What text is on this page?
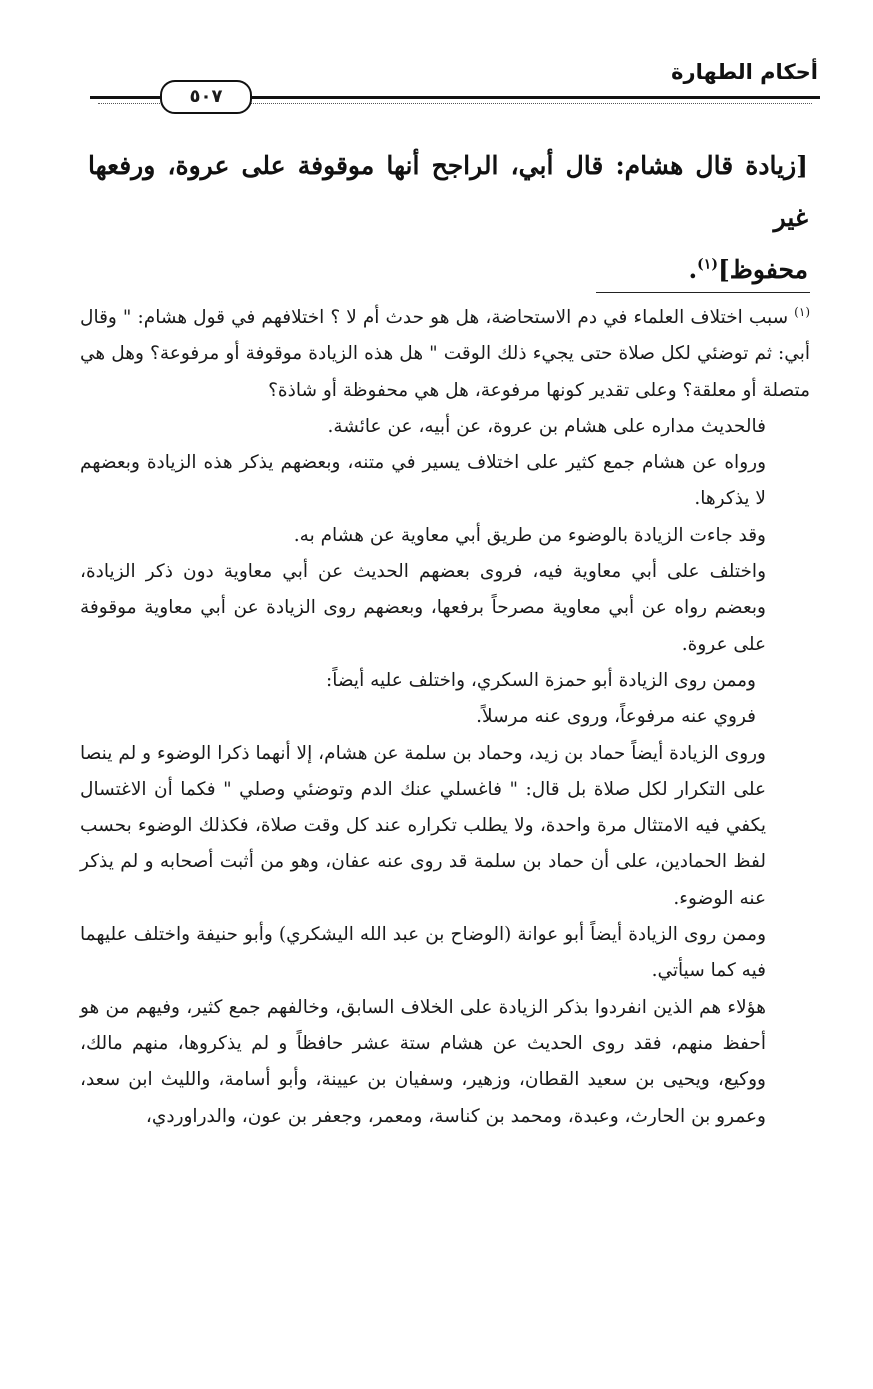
أحكام الطهارة
٥٠٧

[زيادة قال هشام: قال أبي، الراجح أنها موقوفة على عروة، ورفعها غير

محفوظ]$^{(١)}$.

$^{(١)}$ سبب اختلاف العلماء في دم الاستحاضة، هل هو حدث أم لا ؟ اختلافهم في قول هشام: " وقال أبي: ثم توضئي لكل صلاة حتى يجيء ذلك الوقت " هل هذه الزيادة موقوفة أو مرفوعة؟ وهل هي متصلة أو معلقة؟ وعلى تقدير كونها مرفوعة، هل هي محفوظة أو شاذة؟

فالحديث مداره على هشام بن عروة، عن أبيه، عن عائشة.

ورواه عن هشام جمع كثير على اختلاف يسير في متنه، وبعضهم يذكر هذه الزيادة وبعضهم لا يذكرها.

وقد جاءت الزيادة بالوضوء من طريق أبي معاوية عن هشام به.

واختلف على أبي معاوية فيه، فروى بعضهم الحديث عن أبي معاوية دون ذكر الزيادة، وبعضم رواه عن أبي معاوية مصرحاً برفعها، وبعضهم روى الزيادة عن أبي معاوية موقوفة على عروة.

وممن روى الزيادة أبو حمزة السكري، واختلف عليه أيضاً:

فروي عنه مرفوعاً، وروى عنه مرسلاً.

وروى الزيادة أيضاً حماد بن زيد، وحماد بن سلمة عن هشام، إلا أنهما ذكرا الوضوء و لم ينصا على التكرار لكل صلاة بل قال: " فاغسلي عنك الدم وتوضئي وصلي " فكما أن الاغتسال يكفي فيه الامتثال مرة واحدة، ولا يطلب تكراره عند كل وقت صلاة، فكذلك الوضوء بحسب لفظ الحمادين، على أن حماد بن سلمة قد روى عنه عفان، وهو من أثبت أصحابه و لم يذكر عنه الوضوء.

وممن روى الزيادة أيضاً أبو عوانة (الوضاح بن عبد الله اليشكري) وأبو حنيفة واختلف عليهما فيه كما سيأتي.

هؤلاء هم الذين انفردوا بذكر الزيادة على الخلاف السابق، وخالفهم جمع كثير، وفيهم من هو أحفظ منهم، فقد روى الحديث عن هشام ستة عشر حافظاً و لم يذكروها، منهم مالك، ووكيع، ويحيى بن سعيد القطان، وزهير، وسفيان بن عيينة، وأبو أسامة، والليث ابن سعد، وعمرو بن الحارث، وعبدة، ومحمد بن كناسة، ومعمر، وجعفر بن عون، والدراوردي،
